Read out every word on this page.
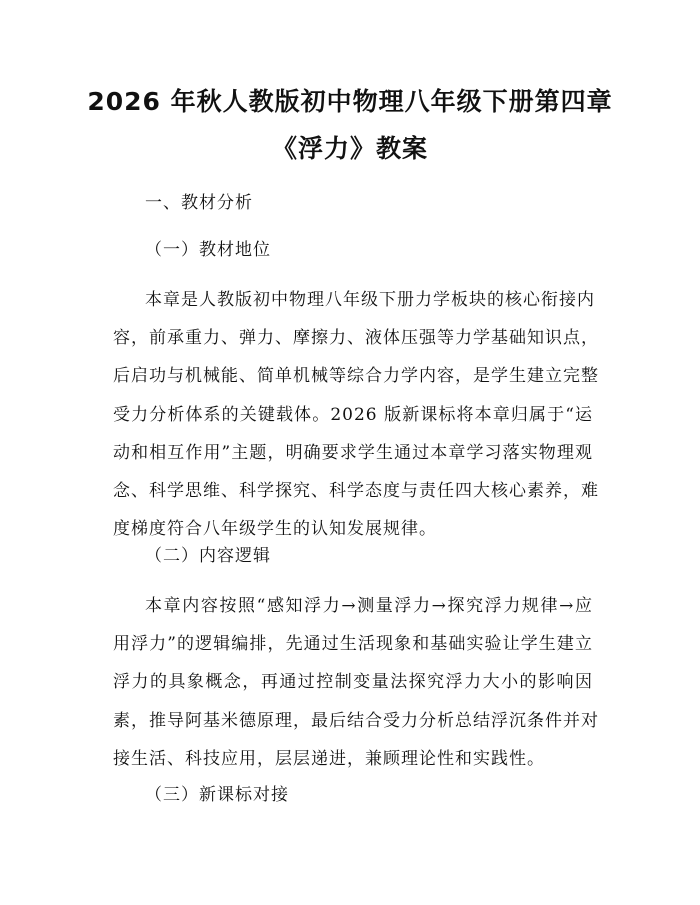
2026 年秋人教版初中物理八年级下册第四章
《浮力》教案

一、教材分析

（一）教材地位

本章是人教版初中物理八年级下册力学板块的核心衔接内
容，前承重力、弹力、摩擦力、液体压强等力学基础知识点，
后启功与机械能、简单机械等综合力学内容，是学生建立完整
受力分析体系的关键载体。2026 版新课标将本章归属于“运
动和相互作用”主题，明确要求学生通过本章学习落实物理观
念、科学思维、科学探究、科学态度与责任四大核心素养，难
度梯度符合八年级学生的认知发展规律。

（二）内容逻辑

本章内容按照“感知浮力→测量浮力→探究浮力规律→应
用浮力”的逻辑编排，先通过生活现象和基础实验让学生建立
浮力的具象概念，再通过控制变量法探究浮力大小的影响因
素，推导阿基米德原理，最后结合受力分析总结浮沉条件并对
接生活、科技应用，层层递进，兼顾理论性和实践性。

（三）新课标对接
